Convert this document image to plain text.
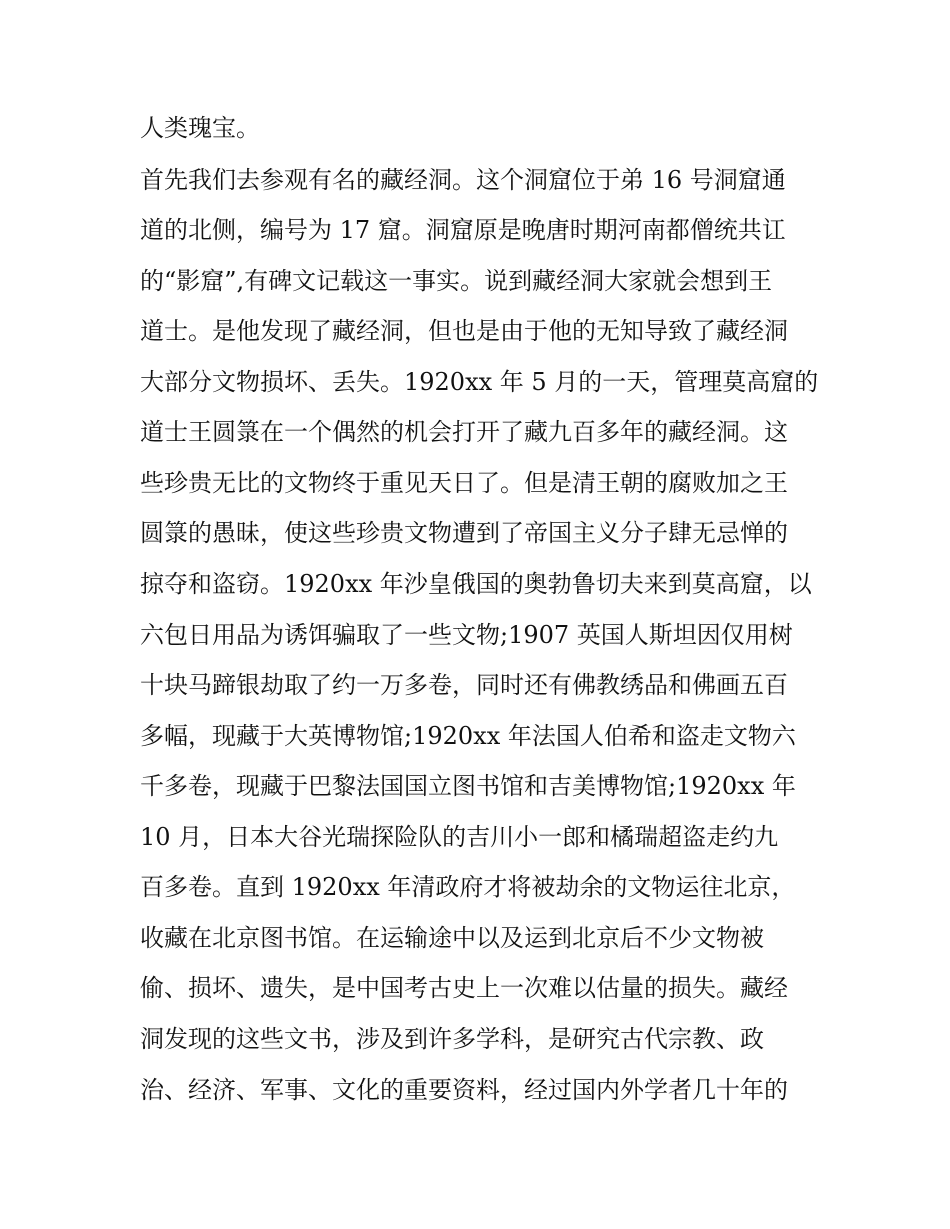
人类瑰宝。
首先我们去参观有名的藏经洞。这个洞窟位于弟 16 号洞窟通
道的北侧，编号为 17 窟。洞窟原是晚唐时期河南都僧统共讧
的“影窟”,有碑文记载这一事实。说到藏经洞大家就会想到王
道士。是他发现了藏经洞，但也是由于他的无知导致了藏经洞
大部分文物损坏、丢失。1920xx 年 5 月的一天，管理莫高窟的
道士王圆箓在一个偶然的机会打开了藏九百多年的藏经洞。这
些珍贵无比的文物终于重见天日了。但是清王朝的腐败加之王
圆箓的愚昧，使这些珍贵文物遭到了帝国主义分子肆无忌惮的
掠夺和盗窃。1920xx 年沙皇俄国的奥勃鲁切夫来到莫高窟，以
六包日用品为诱饵骗取了一些文物;1907 英国人斯坦因仅用树
十块马蹄银劫取了约一万多卷，同时还有佛教绣品和佛画五百
多幅，现藏于大英博物馆;1920xx 年法国人伯希和盗走文物六
千多卷，现藏于巴黎法国国立图书馆和吉美博物馆;1920xx 年
10 月，日本大谷光瑞探险队的吉川小一郎和橘瑞超盗走约九
百多卷。直到 1920xx 年清政府才将被劫余的文物运往北京，
收藏在北京图书馆。在运输途中以及运到北京后不少文物被
偷、损坏、遗失，是中国考古史上一次难以估量的损失。藏经
洞发现的这些文书，涉及到许多学科，是研究古代宗教、政
治、经济、军事、文化的重要资料，经过国内外学者几十年的
